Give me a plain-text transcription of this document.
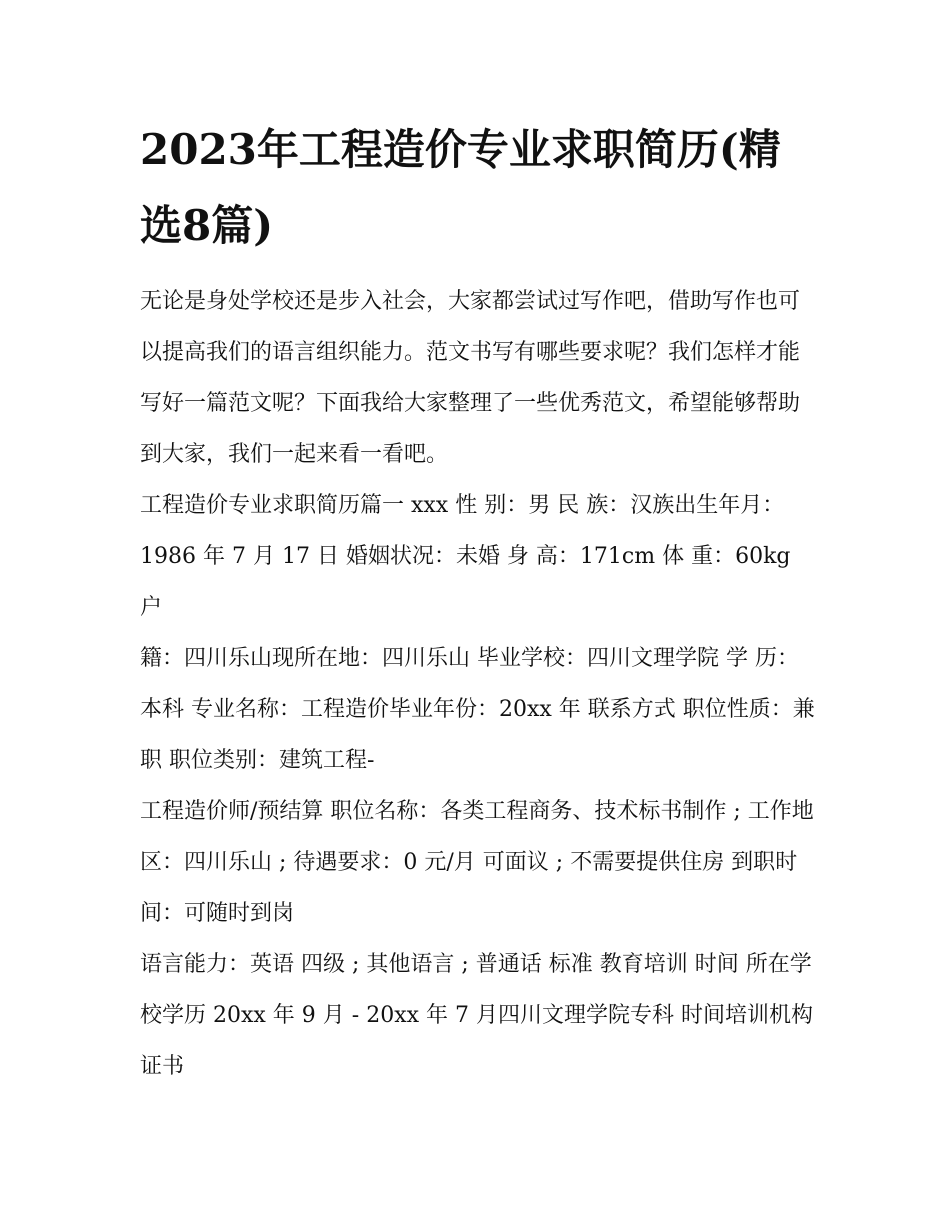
2023年工程造价专业求职简历(精选8篇)

无论是身处学校还是步入社会，大家都尝试过写作吧，借助写作也可以提高我们的语言组织能力。范文书写有哪些要求呢？我们怎样才能写好一篇范文呢？下面我给大家整理了一些优秀范文，希望能够帮助到大家，我们一起来看一看吧。

工程造价专业求职简历篇一 xxx 性 别：男 民 族：汉族出生年月：1986 年 7 月 17 日 婚姻状况：未婚 身 高：171cm 体 重：60kg 户

籍：四川乐山现所在地：四川乐山 毕业学校：四川文理学院 学 历：本科 专业名称：工程造价毕业年份：20xx 年 联系方式 职位性质：兼 职 职位类别：建筑工程-

工程造价师/预结算 职位名称：各类工程商务、技术标书制作 ; 工作地区：四川乐山 ; 待遇要求：0 元/月 可面议 ; 不需要提供住房 到职时间：可随时到岗

语言能力：英语 四级 ; 其他语言 ; 普通话 标准 教育培训 时间 所在学校学历 20xx 年 9 月 - 20xx 年 7 月四川文理学院专科 时间培训机构证书
